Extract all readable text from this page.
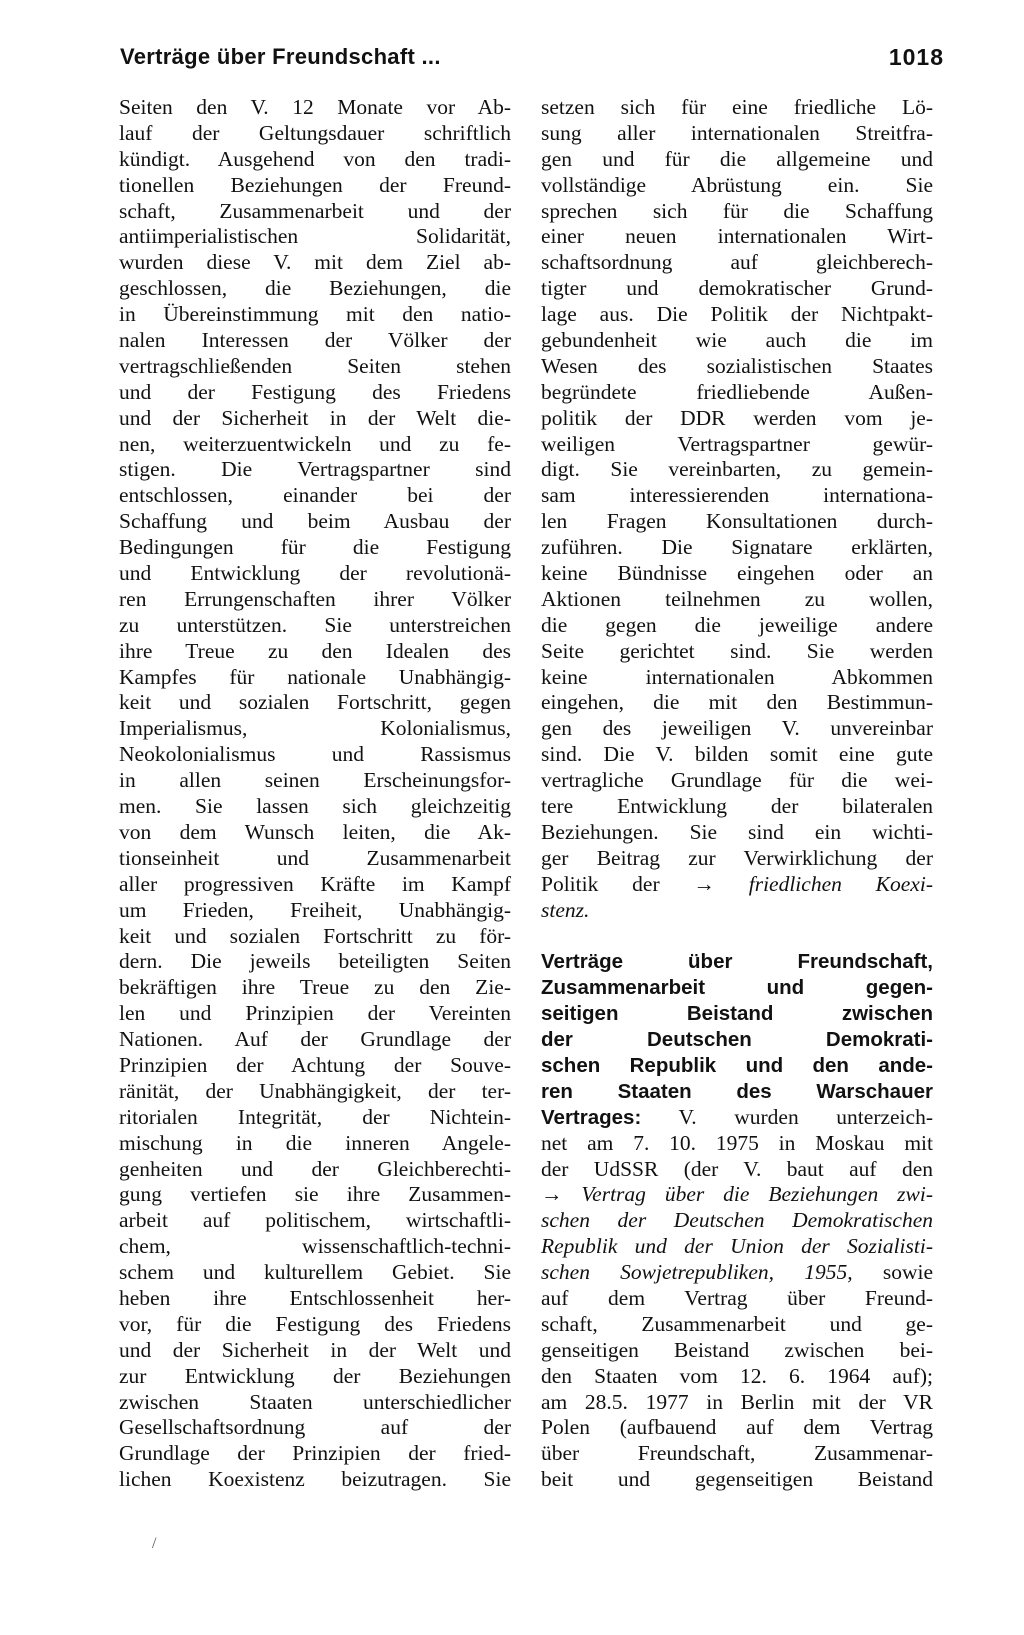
Verträge über Freundschaft ...	1018
Seiten den V. 12 Monate vor Ab-
lauf der Geltungsdauer schriftlich
kündigt. Ausgehend von den tradi-
tionellen Beziehungen der Freund-
schaft, Zusammenarbeit und der
antiimperialistischen Solidarität,
wurden diese V. mit dem Ziel ab-
geschlossen, die Beziehungen, die
in Übereinstimmung mit den natio-
nalen Interessen der Völker der
vertragschließenden Seiten stehen
und der Festigung des Friedens
und der Sicherheit in der Welt die-
nen, weiterzuentwickeln und zu fe-
stigen. Die Vertragspartner sind
entschlossen, einander bei der
Schaffung und beim Ausbau der
Bedingungen für die Festigung
und Entwicklung der revolutionä-
ren Errungenschaften ihrer Völker
zu unterstützen. Sie unterstreichen
ihre Treue zu den Idealen des
Kampfes für nationale Unabhängig-
keit und sozialen Fortschritt, gegen
Imperialismus, Kolonialismus,
Neokolonialismus und Rassismus
in allen seinen Erscheinungsfor-
men. Sie lassen sich gleichzeitig
von dem Wunsch leiten, die Ak-
tionseinheit und Zusammenarbeit
aller progressiven Kräfte im Kampf
um Frieden, Freiheit, Unabhängig-
keit und sozialen Fortschritt zu för-
dern. Die jeweils beteiligten Seiten
bekräftigen ihre Treue zu den Zie-
len und Prinzipien der Vereinten
Nationen. Auf der Grundlage der
Prinzipien der Achtung der Souve-
ränität, der Unabhängigkeit, der ter-
ritorialen Integrität, der Nichtein-
mischung in die inneren Angele-
genheiten und der Gleichberechti-
gung vertiefen sie ihre Zusammen-
arbeit auf politischem, wirtschaftli-
chem, wissenschaftlich-techni-
schem und kulturellem Gebiet. Sie
heben ihre Entschlossenheit her-
vor, für die Festigung des Friedens
und der Sicherheit in der Welt und
zur Entwicklung der Beziehungen
zwischen Staaten unterschiedlicher
Gesellschaftsordnung auf der
Grundlage der Prinzipien der fried-
lichen Koexistenz beizutragen. Sie
setzen sich für eine friedliche Lö-
sung aller internationalen Streitfra-
gen und für die allgemeine und
vollständige Abrüstung ein. Sie
sprechen sich für die Schaffung
einer neuen internationalen Wirt-
schaftsordnung auf gleichberech-
tigter und demokratischer Grund-
lage aus. Die Politik der Nichtpakt-
gebundenheit wie auch die im
Wesen des sozialistischen Staates
begründete friedliebende Außen-
politik der DDR werden vom je-
weiligen Vertragspartner gewür-
digt. Sie vereinbarten, zu gemein-
sam interessierenden internationa-
len Fragen Konsultationen durch-
zuführen. Die Signatare erklärten,
keine Bündnisse eingehen oder an
Aktionen teilnehmen zu wollen,
die gegen die jeweilige andere
Seite gerichtet sind. Sie werden
keine internationalen Abkommen
eingehen, die mit den Bestimmun-
gen des jeweiligen V. unvereinbar
sind. Die V. bilden somit eine gute
vertragliche Grundlage für die wei-
tere Entwicklung der bilateralen
Beziehungen. Sie sind ein wichti-
ger Beitrag zur Verwirklichung der
Politik der → friedlichen Koexi-
stenz.
Verträge über Freundschaft,
Zusammenarbeit und gegen-
seitigen Beistand zwischen
der Deutschen Demokrati-
schen Republik und den ande-
ren Staaten des Warschauer
Vertrages: V. wurden unterzeich-
net am 7. 10. 1975 in Moskau mit
der UdSSR (der V. baut auf den
→ Vertrag über die Beziehungen zwi-
schen der Deutschen Demokratischen
Republik und der Union der Sozialisti-
schen Sowjetrepubliken, 1955, sowie
auf dem Vertrag über Freund-
schaft, Zusammenarbeit und ge-
genseitigen Beistand zwischen bei-
den Staaten vom 12. 6. 1964 auf);
am 28.5. 1977 in Berlin mit der VR
Polen (aufbauend auf dem Vertrag
über Freundschaft, Zusammenar-
beit und gegenseitigen Beistand
/
